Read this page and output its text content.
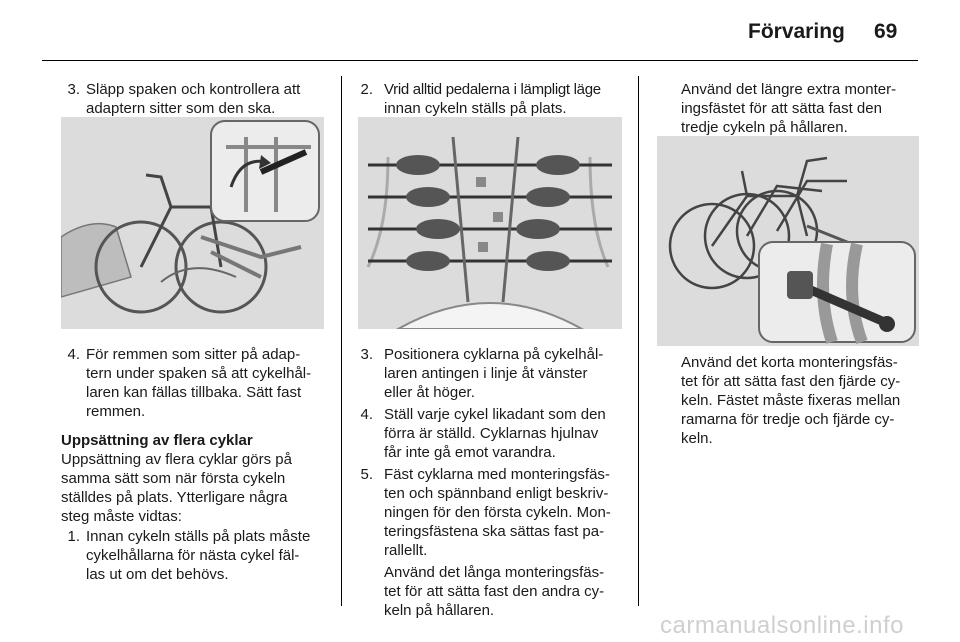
Förvaring 69
3. Släpp spaken och kontrollera att
adaptern sitter som den ska.
4. För remmen som sitter på adap-
tern under spaken så att cykelhål-
laren kan fällas tillbaka. Sätt fast
remmen.
Uppsättning av flera cyklar
Uppsättning av flera cyklar görs på
samma sätt som när första cykeln
ställdes på plats. Ytterligare några
steg måste vidtas:
1. Innan cykeln ställs på plats måste
cykelhållarna för nästa cykel fäl-
las ut om det behövs.
2. Vrid alltid pedalerna i lämpligt läge
innan cykeln ställs på plats.
3. Positionera cyklarna på cykelhål-
laren antingen i linje åt vänster
eller åt höger.
4. Ställ varje cykel likadant som den
förra är ställd. Cyklarnas hjulnav
får inte gå emot varandra.
5. Fäst cyklarna med monteringsfäs-
ten och spännband enligt beskriv-
ningen för den första cykeln. Mon-
teringsfästena ska sättas fast pa-
rallellt.
Använd det långa monteringsfäs-
tet för att sätta fast den andra cy-
keln på hållaren.
Använd det längre extra monter-
ingsfästet för att sätta fast den
tredje cykeln på hållaren.
Använd det korta monteringsfäs-
tet för att sätta fast den fjärde cy-
keln. Fästet måste fixeras mellan
ramarna för tredje och fjärde cy-
keln.
carmanualsonline.info
